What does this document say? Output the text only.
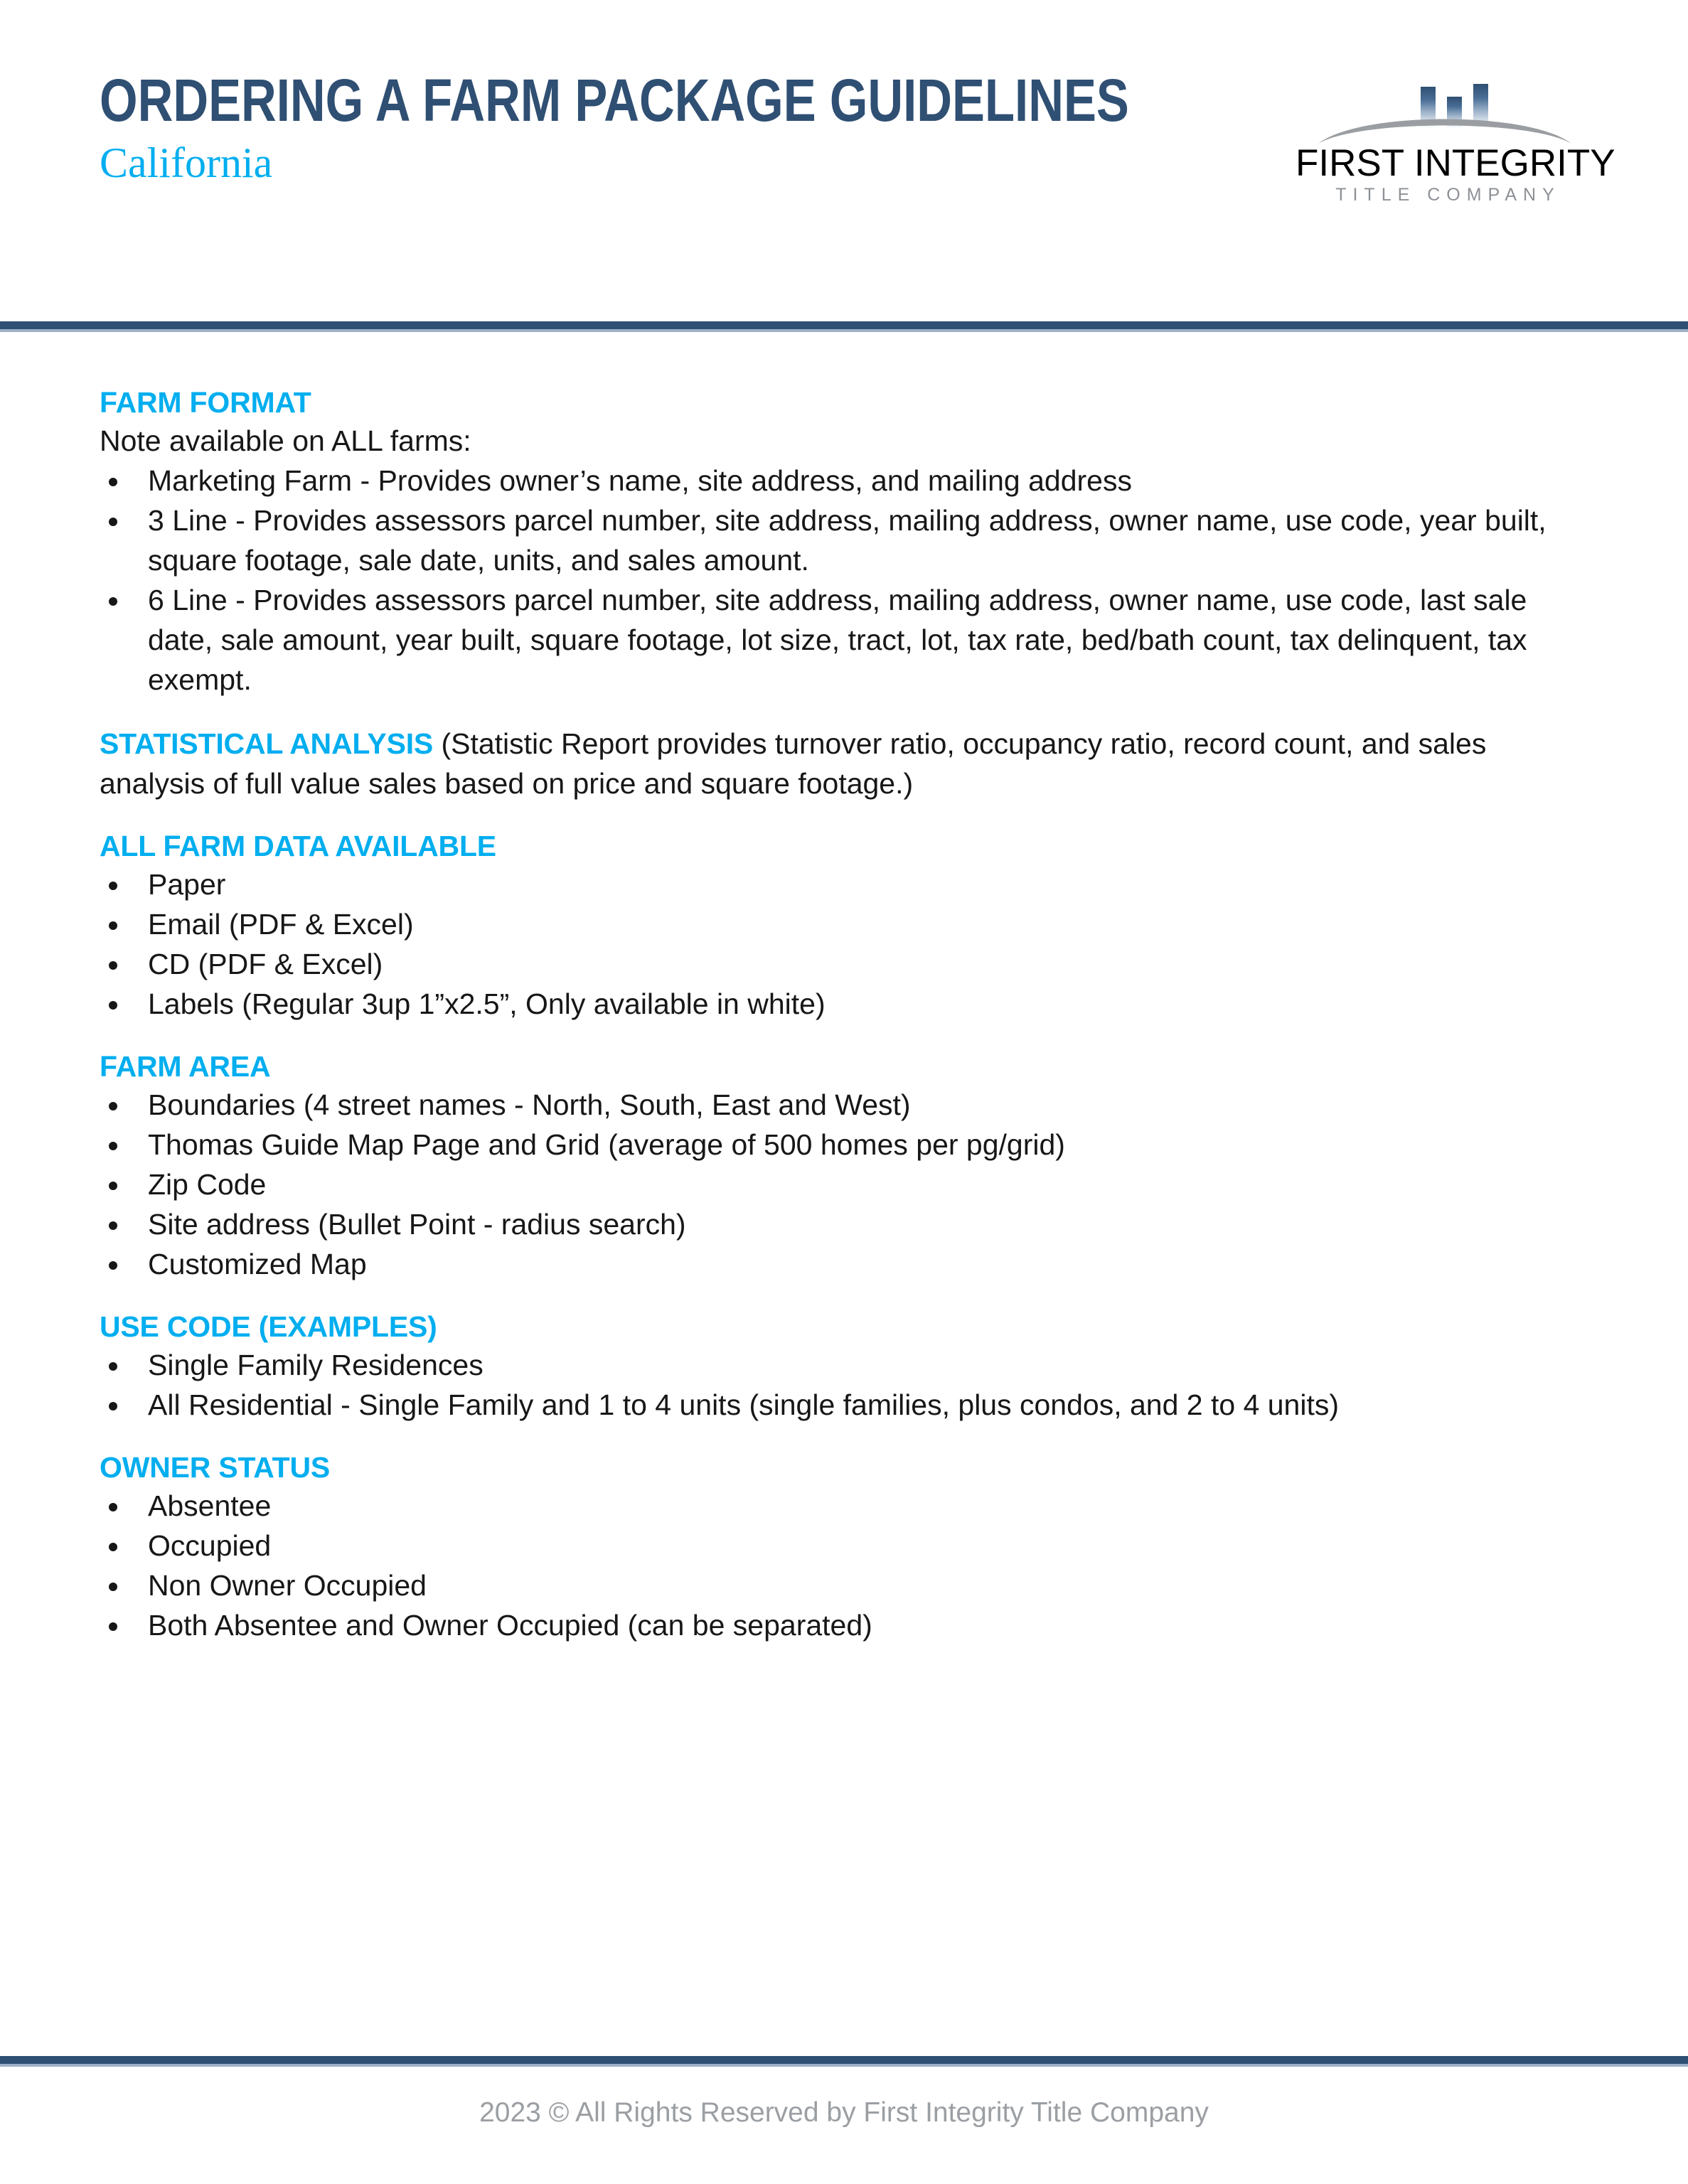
ORDERING A FARM PACKAGE GUIDELINES
California	FIRST INTEGRITY
TITLE COMPANY
FARM FORMAT

Note available on ALL farms:

Marketing Farm - Provides owner’s name, site address, and mailing address
3 Line - Provides assessors parcel number, site address, mailing address, owner name, use code, year built, square footage, sale date, units, and sales amount.
6 Line - Provides assessors parcel number, site address, mailing address, owner name, use code, last sale date, sale amount, year built, square footage, lot size, tract, lot, tax rate, bed/bath count, tax delinquent, tax exempt.

STATISTICAL ANALYSIS (Statistic Report provides turnover ratio, occupancy ratio, record count, and sales analysis of full value sales based on price and square footage.)

ALL FARM DATA AVAILABLE
Paper
Email (PDF & Excel)
CD (PDF & Excel)
Labels (Regular 3up 1”x2.5”, Only available in white)
FARM AREA
Boundaries (4 street names - North, South, East and West)
Thomas Guide Map Page and Grid (average of 500 homes per pg/grid)
Zip Code
Site address (Bullet Point - radius search)
Customized Map
USE CODE (EXAMPLES)
Single Family Residences
All Residential - Single Family and 1 to 4 units (single families, plus condos, and 2 to 4 units)
OWNER STATUS
Absentee
Occupied
Non Owner Occupied
Both Absentee and Owner Occupied (can be separated)

2023 © All Rights Reserved by First Integrity Title Company
